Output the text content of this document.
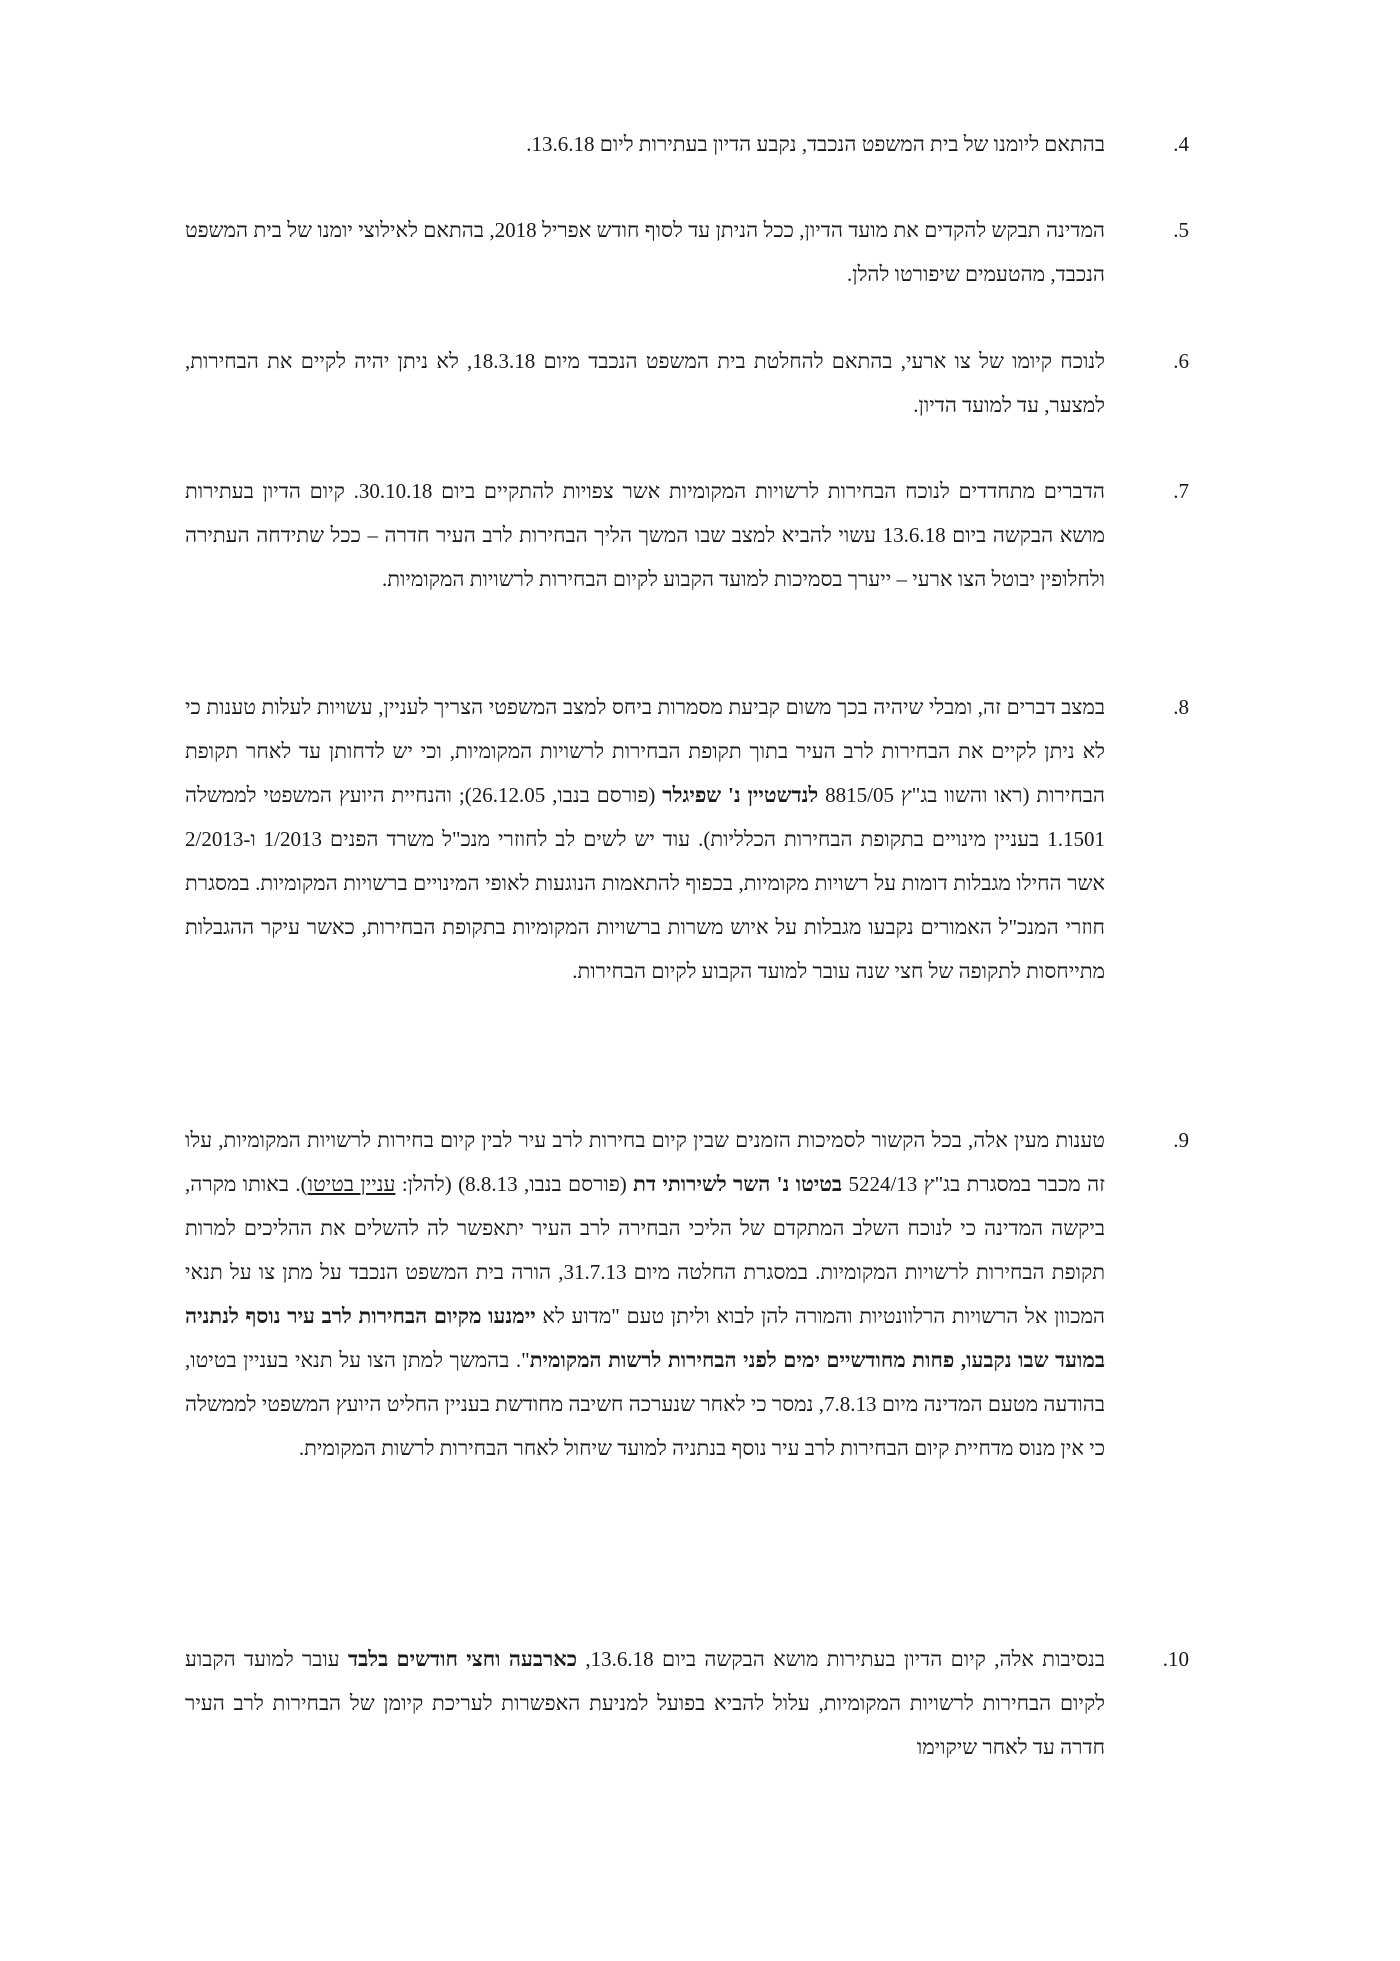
.4
בהתאם ליומנו של בית המשפט הנכבד, נקבע הדיון בעתירות ליום 13.6.18.
.5
המדינה תבקש להקדים את מועד הדיון, ככל הניתן עד לסוף חודש אפריל 2018, בהתאם לאילוצי יומנו של בית המשפט הנכבד, מהטעמים שיפורטו להלן.
.6
לנוכח קיומו של צו ארעי, בהתאם להחלטת בית המשפט הנכבד מיום 18.3.18, לא ניתן יהיה לקיים את הבחירות, למצער, עד למועד הדיון.
.7
הדברים מתחדדים לנוכח הבחירות לרשויות המקומיות אשר צפויות להתקיים ביום 30.10.18. קיום הדיון בעתירות מושא הבקשה ביום 13.6.18 עשוי להביא למצב שבו המשך הליך הבחירות לרב העיר חדרה – ככל שתידחה העתירה ולחלופין יבוטל הצו ארעי – ייערך בסמיכות למועד הקבוע לקיום הבחירות לרשויות המקומיות.
.8
במצב דברים זה, ומבלי שיהיה בכך משום קביעת מסמרות ביחס למצב המשפטי הצריך לעניין, עשויות לעלות טענות כי לא ניתן לקיים את הבחירות לרב העיר בתוך תקופת הבחירות לרשויות המקומיות, וכי יש לדחותן עד לאחר תקופת הבחירות (ראו והשוו בג"ץ 8815/05 לנדשטיין נ' שפיגלר (פורסם בנבו, 26.12.05); והנחיית היועץ המשפטי לממשלה 1.1501 בעניין מינויים בתקופת הבחירות הכלליות). עוד יש לשים לב לחוזרי מנכ"ל משרד הפנים 1/2013 ו-2/2013 אשר החילו מגבלות דומות על רשויות מקומיות, בכפוף להתאמות הנוגעות לאופי המינויים ברשויות המקומיות. במסגרת חוזרי המנכ"ל האמורים נקבעו מגבלות על איוש משרות ברשויות המקומיות בתקופת הבחירות, כאשר עיקר ההגבלות מתייחסות לתקופה של חצי שנה עובר למועד הקבוע לקיום הבחירות.
.9
טענות מעין אלה, בכל הקשור לסמיכות הזמנים שבין קיום בחירות לרב עיר לבין קיום בחירות לרשויות המקומיות, עלו זה מכבר במסגרת בג"ץ 5224/13 בטיטו נ' השר לשירותי דת (פורסם בנבו, 8.8.13) (להלן: עניין בטיטו). באותו מקרה, ביקשה המדינה כי לנוכח השלב המתקדם של הליכי הבחירה לרב העיר יתאפשר לה להשלים את ההליכים למרות תקופת הבחירות לרשויות המקומיות. במסגרת החלטה מיום 31.7.13, הורה בית המשפט הנכבד על מתן צו על תנאי המכוון אל הרשויות הרלוונטיות והמורה להן לבוא וליתן טעם "מדוע לא יימנעו מקיום הבחירות לרב עיר נוסף לנתניה במועד שבו נקבעו, פחות מחודשיים ימים לפני הבחירות לרשות המקומית". בהמשך למתן הצו על תנאי בעניין בטיטו, בהודעה מטעם המדינה מיום 7.8.13, נמסר כי לאחר שנערכה חשיבה מחודשת בעניין החליט היועץ המשפטי לממשלה כי אין מנוס מדחיית קיום הבחירות לרב עיר נוסף בנתניה למועד שיחול לאחר הבחירות לרשות המקומית.
.10
בנסיבות אלה, קיום הדיון בעתירות מושא הבקשה ביום 13.6.18, כארבעה וחצי חודשים בלבד עובר למועד הקבוע לקיום הבחירות לרשויות המקומיות, עלול להביא בפועל למניעת האפשרות לעריכת קיומן של הבחירות לרב העיר חדרה עד לאחר שיקוימו
